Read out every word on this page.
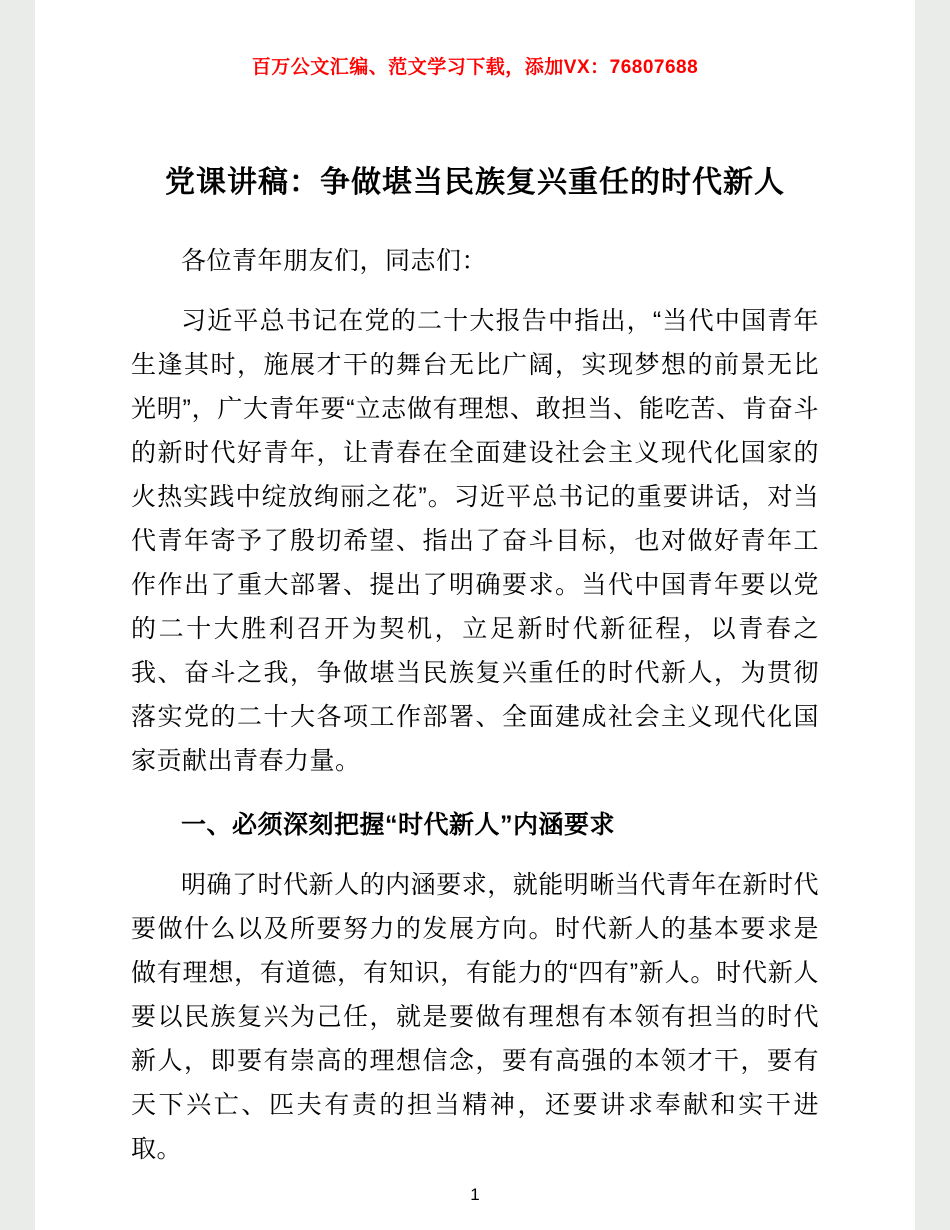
百万公文汇编、范文学习下载，添加VX：76807688
党课讲稿：争做堪当民族复兴重任的时代新人

各位青年朋友们，同志们：

习近平总书记在党的二十大报告中指出，“当代中国青年生逢其时，施展才干的舞台无比广阔，实现梦想的前景无比光明”，广大青年要“立志做有理想、敢担当、能吃苦、肯奋斗的新时代好青年，让青春在全面建设社会主义现代化国家的火热实践中绽放绚丽之花”。习近平总书记的重要讲话，对当代青年寄予了殷切希望、指出了奋斗目标，也对做好青年工作作出了重大部署、提出了明确要求。当代中国青年要以党的二十大胜利召开为契机，立足新时代新征程，以青春之我、奋斗之我，争做堪当民族复兴重任的时代新人，为贯彻落实党的二十大各项工作部署、全面建成社会主义现代化国家贡献出青春力量。

一、必须深刻把握“时代新人”内涵要求

明确了时代新人的内涵要求，就能明晰当代青年在新时代要做什么以及所要努力的发展方向。时代新人的基本要求是做有理想，有道德，有知识，有能力的“四有”新人。时代新人要以民族复兴为己任，就是要做有理想有本领有担当的时代新人，即要有崇高的理想信念，要有高强的本领才干，要有天下兴亡、匹夫有责的担当精神，还要讲求奉献和实干进取。

1
